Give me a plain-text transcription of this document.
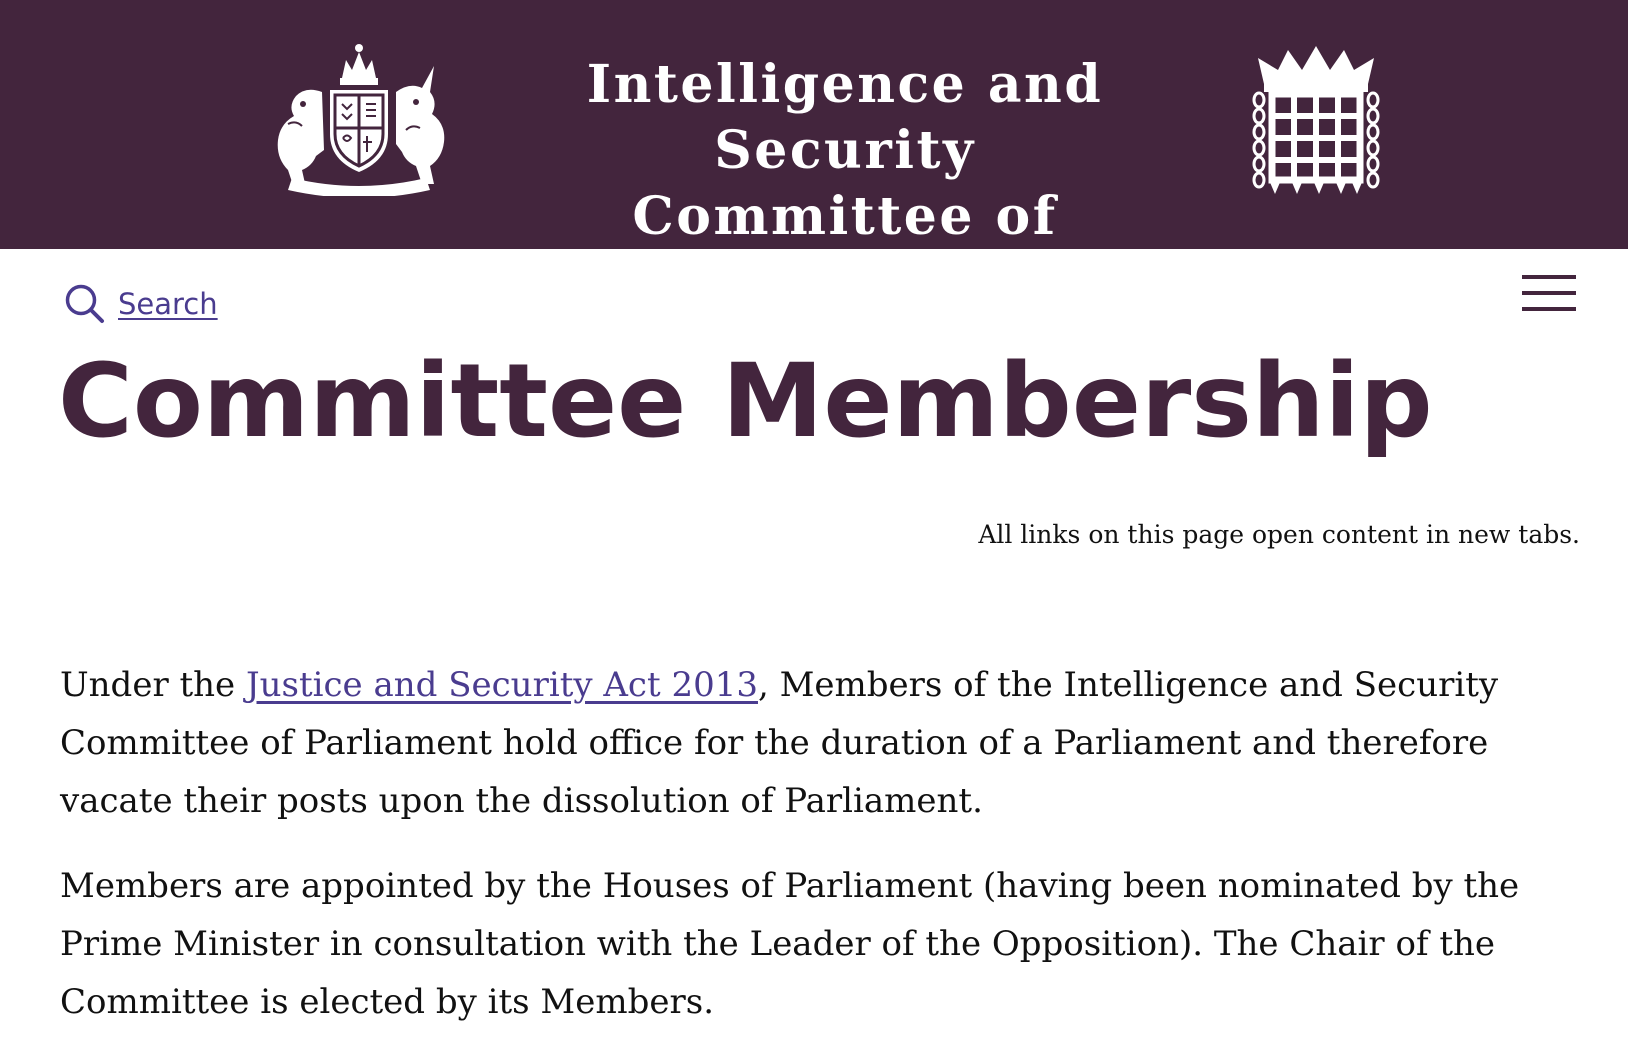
Intelligence and Security
Committee of Parliament
Search
Committee Membership

All links on this page open content in new tabs.

Under the Justice and Security Act 2013, Members of the Intelligence and Security Committee of Parliament hold office for the duration of a Parliament and therefore vacate their posts upon the dissolution of Parliament.

Members are appointed by the Houses of Parliament (having been nominated by the Prime Minister in consultation with the Leader of the Opposition). The Chair of the Committee is elected by its Members.
